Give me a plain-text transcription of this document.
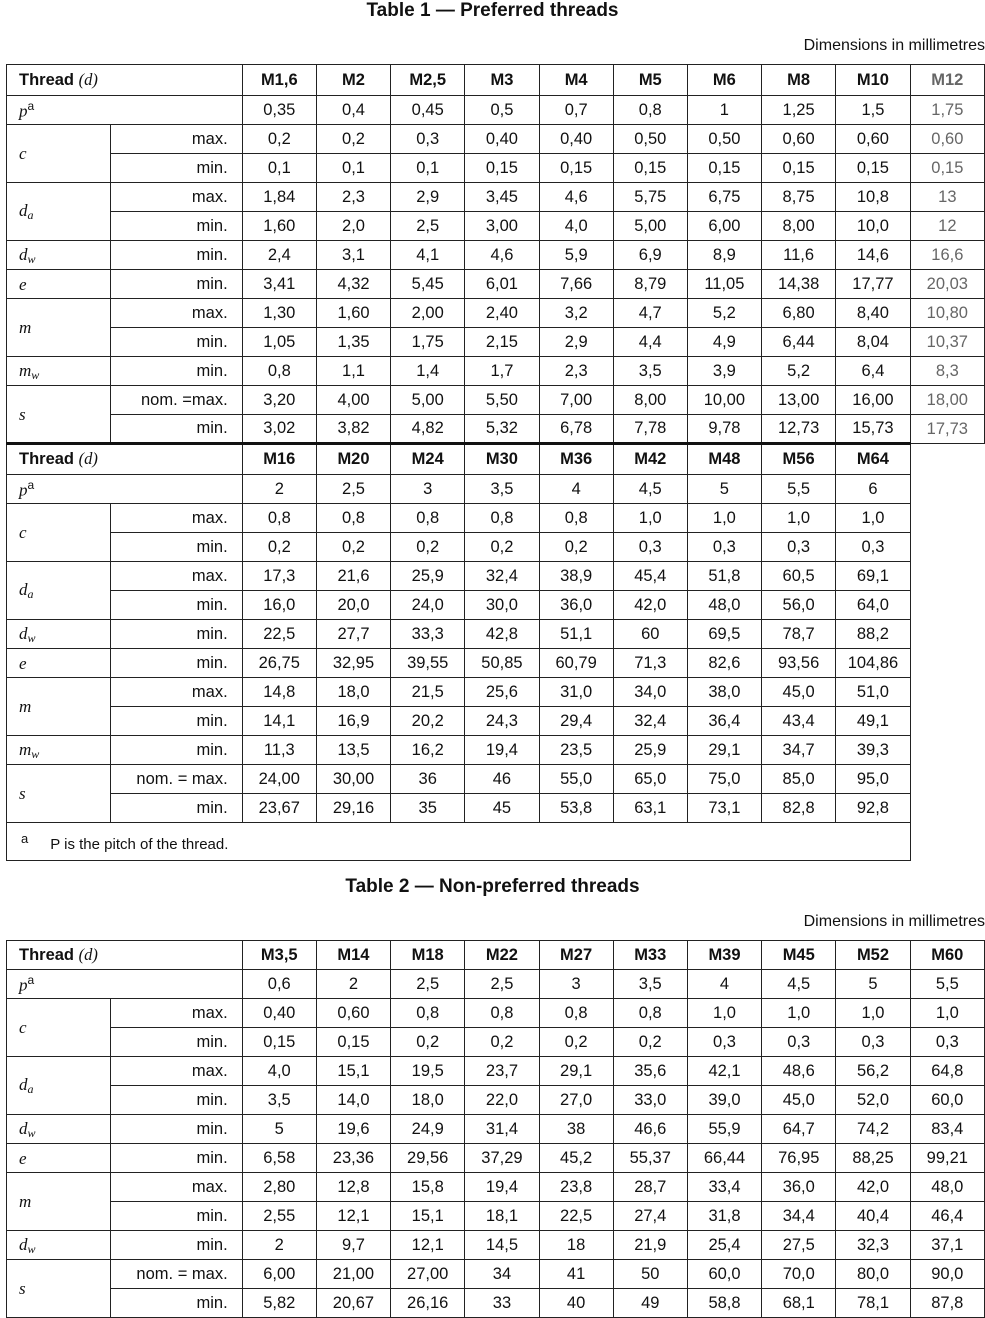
Table 1 — Preferred threads
Dimensions in millimetres
Thread (d)		M1,6	M2	M2,5	M3	M4	M5	M6	M8	M10	M12
$p^a$		0,35	0,4	0,45	0,5	0,7	0,8	1	1,25	1,5	1,75
c	max.	0,2	0,2	0,3	0,40	0,40	0,50	0,50	0,60	0,60	0,60
	min.	0,1	0,1	0,1	0,15	0,15	0,15	0,15	0,15	0,15	0,15
da	max.	1,84	2,3	2,9	3,45	4,6	5,75	6,75	8,75	10,8	13
	min.	1,60	2,0	2,5	3,00	4,0	5,00	6,00	8,00	10,0	12
dw	min.	2,4	3,1	4,1	4,6	5,9	6,9	8,9	11,6	14,6	16,6
e	min.	3,41	4,32	5,45	6,01	7,66	8,79	11,05	14,38	17,77	20,03
m	max.	1,30	1,60	2,00	2,40	3,2	4,7	5,2	6,80	8,40	10,80
	min.	1,05	1,35	1,75	2,15	2,9	4,4	4,9	6,44	8,04	10,37
mw	min.	0,8	1,1	1,4	1,7	2,3	3,5	3,9	5,2	6,4	8,3
s	nom. =max.	3,20	4,00	5,00	5,50	7,00	8,00	10,00	13,00	16,00	18,00
	min.	3,02	3,82	4,82	5,32	6,78	7,78	9,78	12,73	15,73	17,73
Thread (d)		M16	M20	M24	M30	M36	M42	M48	M56	M64	
$p^a$		2	2,5	3	3,5	4	4,5	5	5,5	6	
c	max.	0,8	0,8	0,8	0,8	0,8	1,0	1,0	1,0	1,0	
	min.	0,2	0,2	0,2	0,2	0,2	0,3	0,3	0,3	0,3	
da	max.	17,3	21,6	25,9	32,4	38,9	45,4	51,8	60,5	69,1	
	min.	16,0	20,0	24,0	30,0	36,0	42,0	48,0	56,0	64,0	
dw	min.	22,5	27,7	33,3	42,8	51,1	60	69,5	78,7	88,2	
e	min.	26,75	32,95	39,55	50,85	60,79	71,3	82,6	93,56	104,86	
m	max.	14,8	18,0	21,5	25,6	31,0	34,0	38,0	45,0	51,0	
	min.	14,1	16,9	20,2	24,3	29,4	32,4	36,4	43,4	49,1	
mw	min.	11,3	13,5	16,2	19,4	23,5	25,9	29,1	34,7	39,3	
s	nom. = max.	24,00	30,00	36	46	55,0	65,0	75,0	85,0	95,0	
	min.	23,67	29,16	35	45	53,8	63,1	73,1	82,8	92,8	
$^a$ P is the pitch of the thread.											
Table 2 — Non-preferred threads
Dimensions in millimetres
Thread (d)		M3,5	M14	M18	M22	M27	M33	M39	M45	M52	M60
$p^a$		0,6	2	2,5	2,5	3	3,5	4	4,5	5	5,5
c	max.	0,40	0,60	0,8	0,8	0,8	0,8	1,0	1,0	1,0	1,0
	min.	0,15	0,15	0,2	0,2	0,2	0,2	0,3	0,3	0,3	0,3
da	max.	4,0	15,1	19,5	23,7	29,1	35,6	42,1	48,6	56,2	64,8
	min.	3,5	14,0	18,0	22,0	27,0	33,0	39,0	45,0	52,0	60,0
dw	min.	5	19,6	24,9	31,4	38	46,6	55,9	64,7	74,2	83,4
e	min.	6,58	23,36	29,56	37,29	45,2	55,37	66,44	76,95	88,25	99,21
m	max.	2,80	12,8	15,8	19,4	23,8	28,7	33,4	36,0	42,0	48,0
	min.	2,55	12,1	15,1	18,1	22,5	27,4	31,8	34,4	40,4	46,4
dw	min.	2	9,7	12,1	14,5	18	21,9	25,4	27,5	32,3	37,1
s	nom. = max.	6,00	21,00	27,00	34	41	50	60,0	70,0	80,0	90,0
	min.	5,82	20,67	26,16	33	40	49	58,8	68,1	78,1	87,8
